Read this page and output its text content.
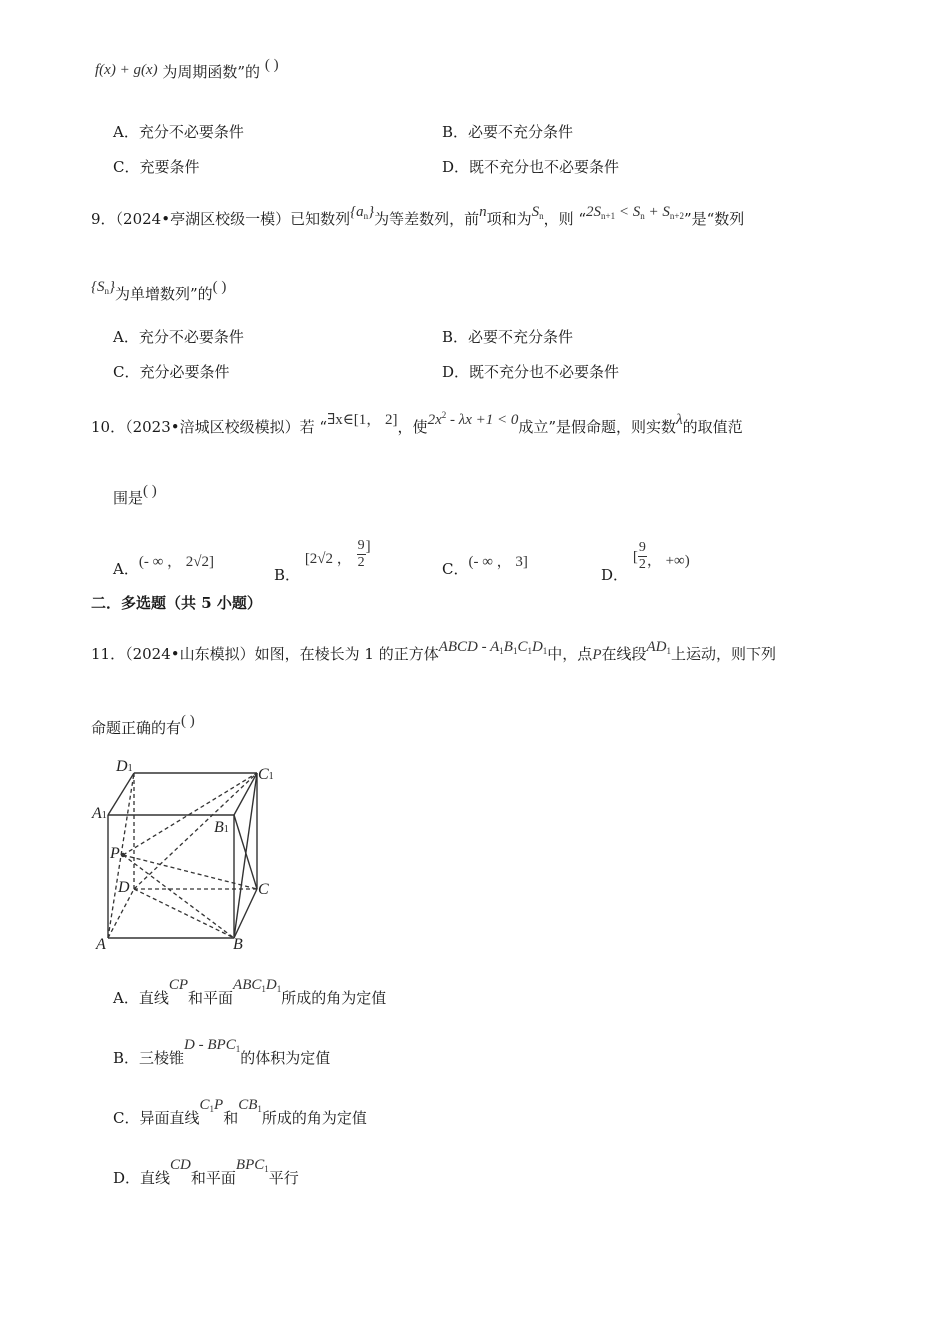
f(x) + g(x) 为周期函数”的 ( )
A．充分不必要条件	B．必要不充分条件
C．充要条件	D．既不充分也不必要条件
9．（2024•亭湖区校级一模）已知数列$\{a_n\}$为等差数列，前n项和为$S_n$，则 “$2S_{n+1} < S_n + S_{n+2}$”是“数列
$\{S_n\}$为单增数列”的( )
A．充分不必要条件	B．必要不充分条件
C．充分必要条件	D．既不充分也不必要条件
10．（2023•涪城区校级模拟）若 “∃x∈[1， 2]，使$2x^2 - \lambda x +1 < 0$成立”是假命题，则实数λ的取值范
围是( )
A．(- ∞ ， 2√2]
B． [2√2 ， $\frac{9}{2}$ ]
C．(- ∞ ， 3]
D． [ $\frac{9}{2}$ ， +∞)
二．多选题（共 5 小题）
11．（2024•山东模拟）如图，在棱长为 1 的正方体ABCD - $A_1B_1C_1D_1$中，点P在线段$AD_1$上运动，则下列
命题正确的有( )
D1	C1
A1
B1
P
D	C
A	B
A．直线CP和平面$ABC_1D_1$所成的角为定值
B．三棱锥D - $BPC_1$的体积为定值
C．异面直线$C_1P$和$CB_1$所成的角为定值
D．直线CD和平面$BPC_1$平行
